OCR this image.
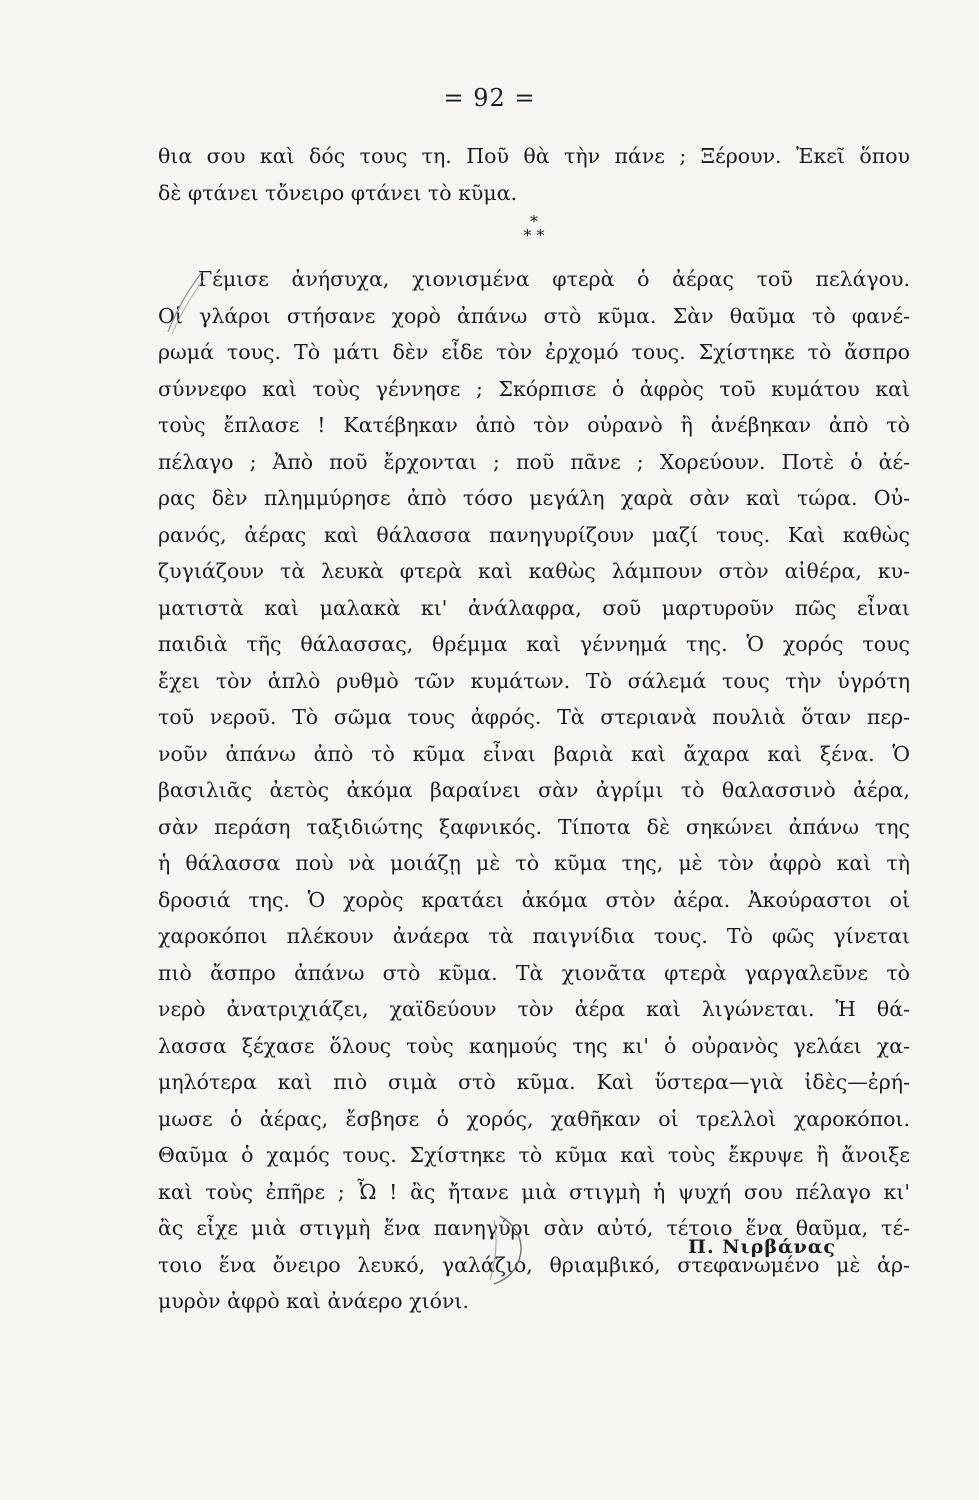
= 92 =
θια σου καὶ δός τους τη. Ποῦ θὰ τὴν πάνε ; Ξέρουν. Ἐκεῖ ὅπου
δὲ φτάνει τὄνειρο φτάνει τὸ κῦμα.
*
* *
Γέμισε ἀνήσυχα, χιονισμένα φτερὰ ὁ ἀέρας τοῦ πελάγου.
Οἱ γλάροι στήσανε χορὸ ἀπάνω στὸ κῦμα. Σὰν θαῦμα τὸ φανέ-
ρωμά τους. Τὸ μάτι δὲν εἶδε τὸν ἐρχομό τους. Σχίστηκε τὸ ἄσπρο
σύννεφο καὶ τοὺς γέννησε ; Σκόρπισε ὁ ἀφρὸς τοῦ κυμάτου καὶ
τοὺς ἔπλασε ! Κατέβηκαν ἀπὸ τὸν οὐρανὸ ἢ ἀνέβηκαν ἀπὸ τὸ
πέλαγο ; Ἀπὸ ποῦ ἔρχονται ; ποῦ πᾶνε ; Χορεύουν. Ποτὲ ὁ ἀέ-
ρας δὲν πλημμύρησε ἀπὸ τόσο μεγάλη χαρὰ σὰν καὶ τώρα. Οὐ-
ρανός, ἀέρας καὶ θάλασσα πανηγυρίζουν μαζί τους. Καὶ καθὼς
ζυγιάζουν τὰ λευκὰ φτερὰ καὶ καθὼς λάμπουν στὸν αἰθέρα, κυ-
ματιστὰ καὶ μαλακὰ κι' ἀνάλαφρα, σοῦ μαρτυροῦν πῶς εἶναι
παιδιὰ τῆς θάλασσας, θρέμμα καὶ γέννημά της. Ὁ χορός τους
ἔχει τὸν ἁπλὸ ρυθμὸ τῶν κυμάτων. Τὸ σάλεμά τους τὴν ὑγρότη
τοῦ νεροῦ. Τὸ σῶμα τους ἀφρός. Τὰ στεριανὰ πουλιὰ ὅταν περ-
νοῦν ἀπάνω ἀπὸ τὸ κῦμα εἶναι βαριὰ καὶ ἄχαρα καὶ ξένα. Ὁ
βασιλιᾶς ἀετὸς ἀκόμα βαραίνει σὰν ἀγρίμι τὸ θαλασσινὸ ἀέρα,
σὰν περάση ταξιδιώτης ξαφνικός. Τίποτα δὲ σηκώνει ἀπάνω της
ἡ θάλασσα ποὺ νὰ μοιάζῃ μὲ τὸ κῦμα της, μὲ τὸν ἀφρὸ καὶ τὴ
δροσιά της. Ὁ χορὸς κρατάει ἀκόμα στὸν ἀέρα. Ἀκούραστοι οἱ
χαροκόποι πλέκουν ἀνάερα τὰ παιγνίδια τους. Τὸ φῶς γίνεται
πιὸ ἄσπρο ἀπάνω στὸ κῦμα. Τὰ χιονᾶτα φτερὰ γαργαλεῦνε τὸ
νερὸ ἀνατριχιάζει, χαϊδεύουν τὸν ἀέρα καὶ λιγώνεται. Ἡ θά-
λασσα ξέχασε ὅλους τοὺς καημούς της κι' ὁ οὐρανὸς γελάει χα-
μηλότερα καὶ πιὸ σιμὰ στὸ κῦμα. Καὶ ὕστερα—γιὰ ἰδὲς—ἐρή-
μωσε ὁ ἀέρας, ἔσβησε ὁ χορός, χαθῆκαν οἱ τρελλοὶ χαροκόποι.
Θαῦμα ὁ χαμός τους. Σχίστηκε τὸ κῦμα καὶ τοὺς ἔκρυψε ἢ ἄνοιξε
καὶ τοὺς ἐπῆρε ; Ὦ ! ἂς ἤτανε μιὰ στιγμὴ ἡ ψυχή σου πέλαγο κι'
ἂς εἶχε μιὰ στιγμὴ ἕνα πανηγύρι σὰν αὐτό, τέτοιο ἕνα θαῦμα, τέ-
τοιο ἕνα ὄνειρο λευκό, γαλάζιο, θριαμβικό, στεφανωμένο μὲ ἁρ-
μυρὸν ἀφρὸ καὶ ἀνάερο χιόνι.
Π. Νιρβάνας
